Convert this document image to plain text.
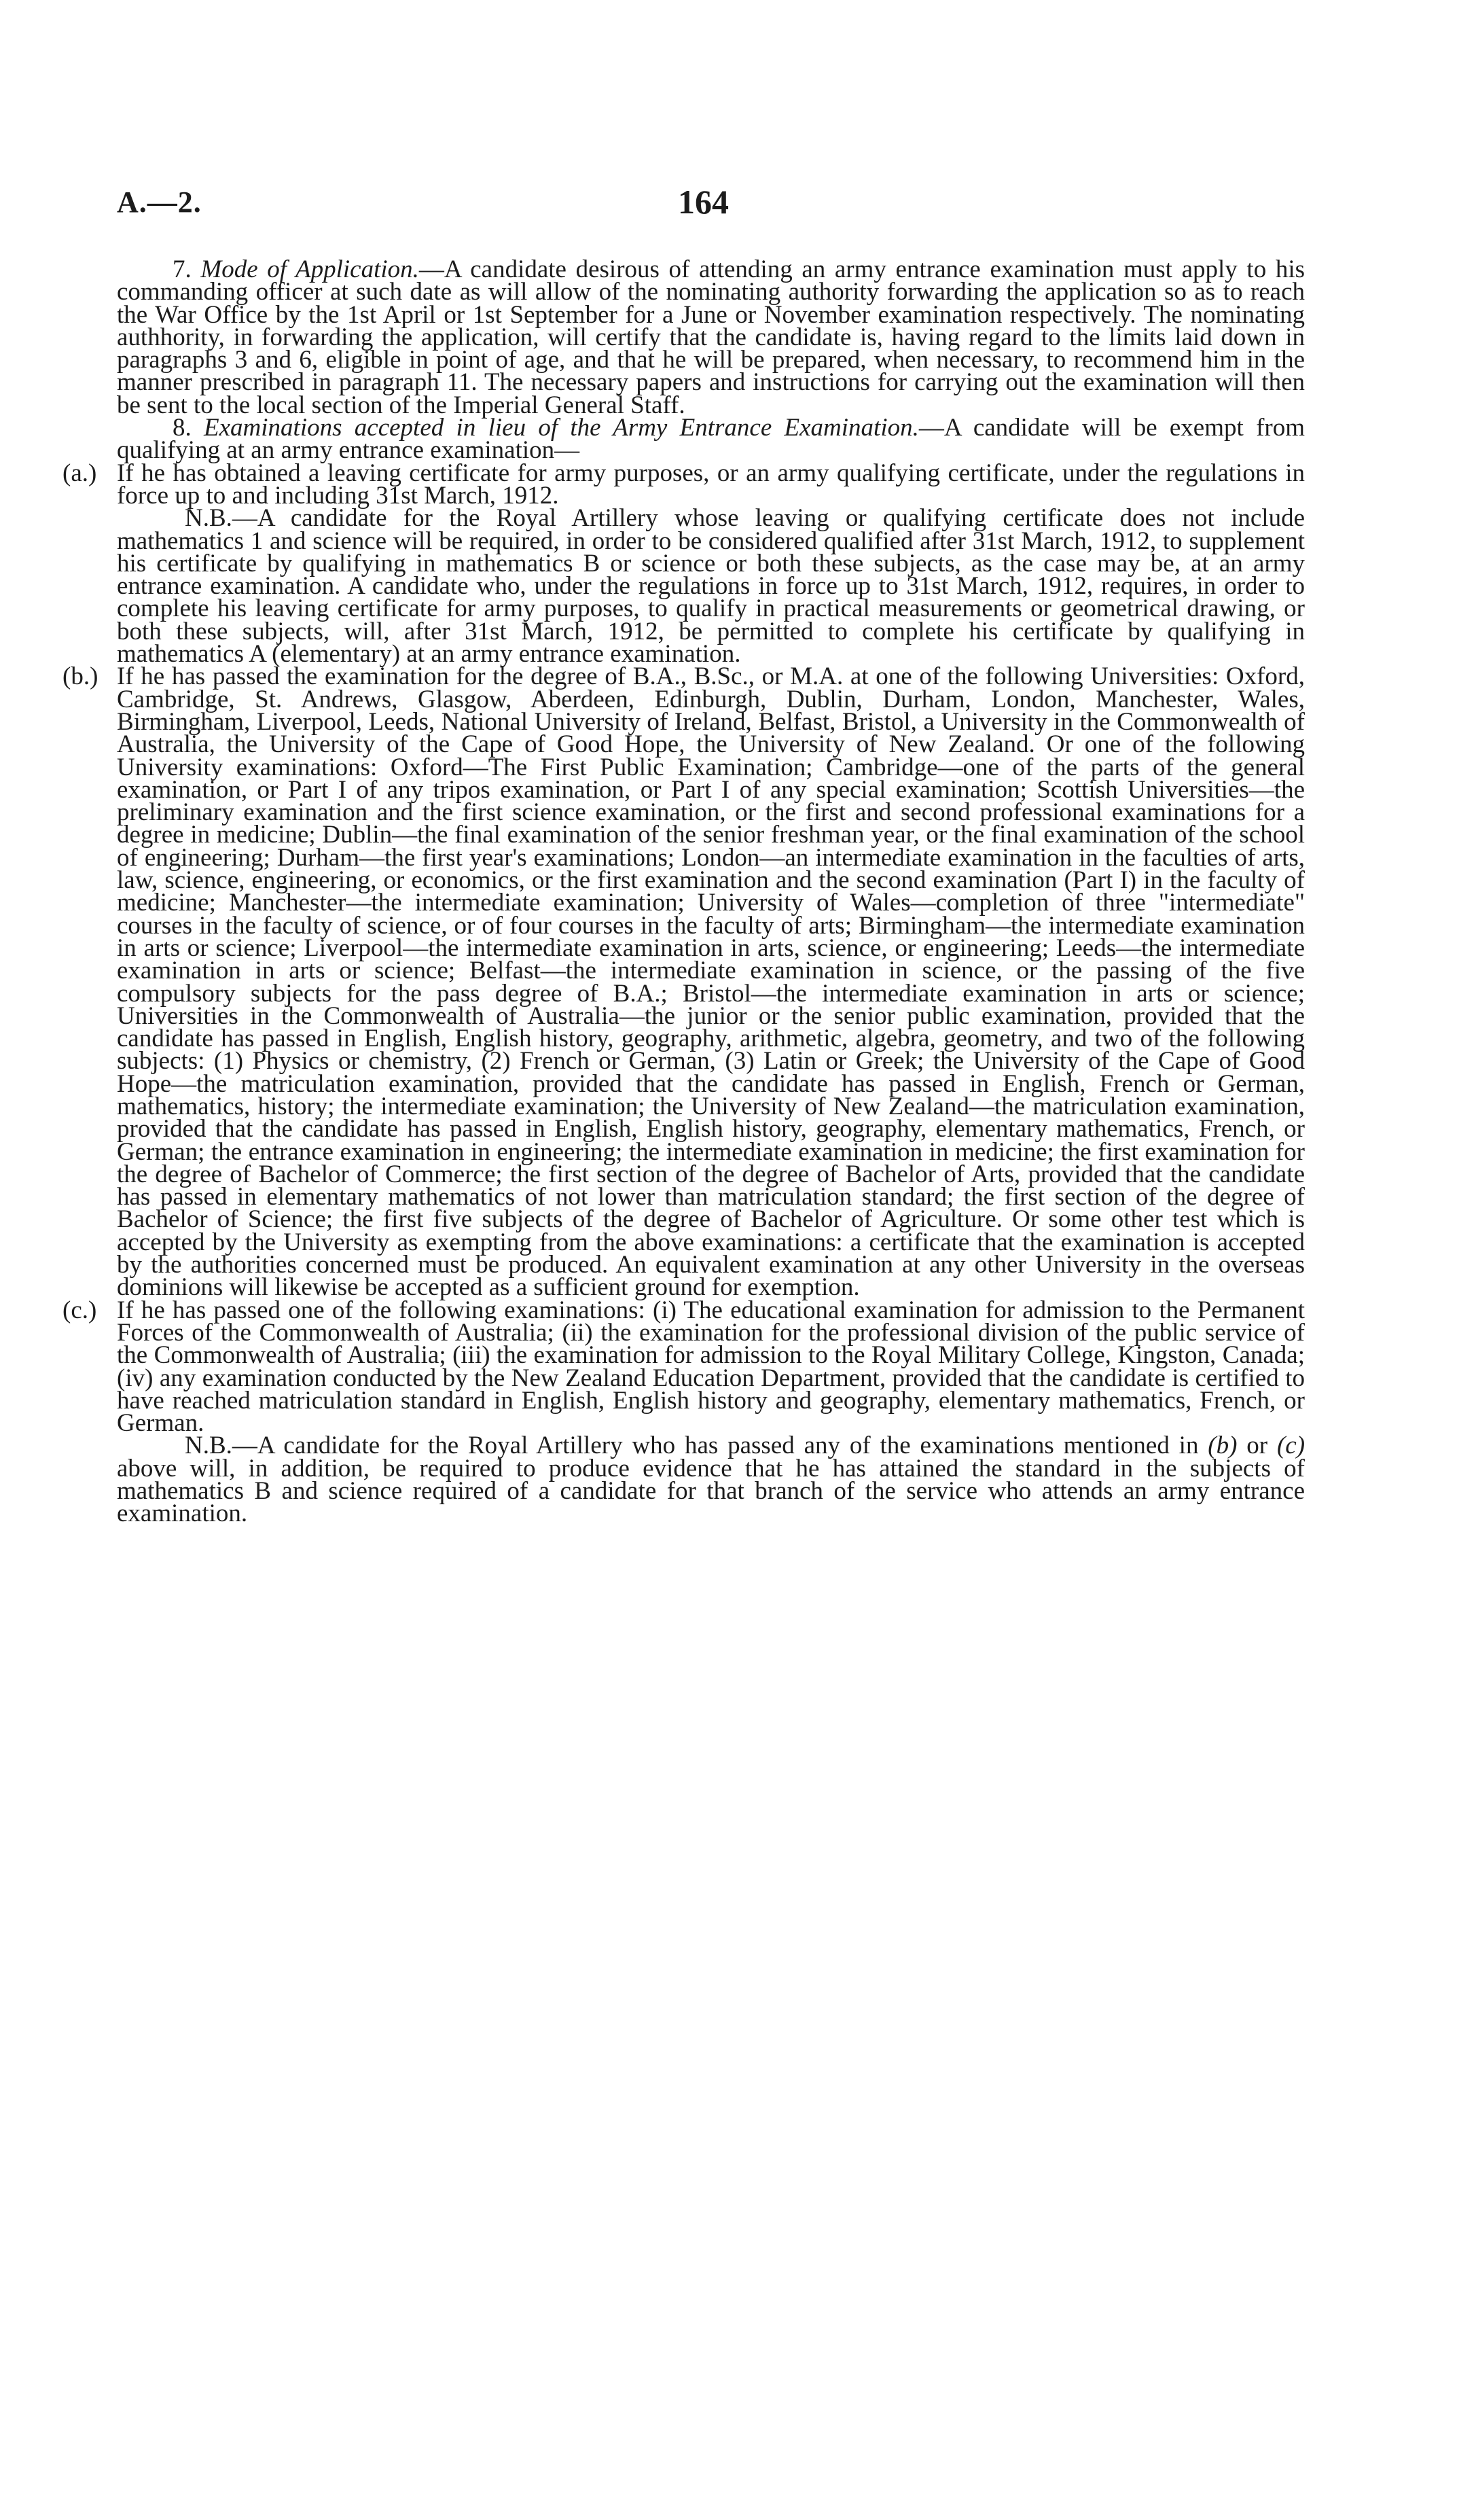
A.—2.	164

7. Mode of Application.—A candidate desirous of attending an army entrance examination must apply to his commanding officer at such date as will allow of the nominating authority forwarding the application so as to reach the War Office by the 1st April or 1st September for a June or November examination respectively. The nominating authhority, in forwarding the application, will certify that the candidate is, having regard to the limits laid down in paragraphs 3 and 6, eligible in point of age, and that he will be prepared, when necessary, to recommend him in the manner prescribed in paragraph 11. The necessary papers and instructions for carrying out the examination will then be sent to the local section of the Imperial General Staff.

8. Examinations accepted in lieu of the Army Entrance Examination.—A candidate will be exempt from qualifying at an army entrance examination—

(a.) If he has obtained a leaving certificate for army purposes, or an army qualifying certificate, under the regulations in force up to and including 31st March, 1912.

N.B.—A candidate for the Royal Artillery whose leaving or qualifying certificate does not include mathematics 1 and science will be required, in order to be considered qualified after 31st March, 1912, to supplement his certificate by qualifying in mathematics B or science or both these subjects, as the case may be, at an army entrance examination. A candidate who, under the regulations in force up to 31st March, 1912, requires, in order to complete his leaving certificate for army purposes, to qualify in practical measurements or geometrical drawing, or both these subjects, will, after 31st March, 1912, be permitted to complete his certificate by qualifying in mathematics A (elementary) at an army entrance examination.

(b.) If he has passed the examination for the degree of B.A., B.Sc., or M.A. at one of the following Universities: Oxford, Cambridge, St. Andrews, Glasgow, Aberdeen, Edinburgh, Dublin, Durham, London, Manchester, Wales, Birmingham, Liverpool, Leeds, National University of Ireland, Belfast, Bristol, a University in the Commonwealth of Australia, the University of the Cape of Good Hope, the University of New Zealand. Or one of the following University examinations: Oxford—The First Public Examination; Cambridge—one of the parts of the general examination, or Part I of any tripos examination, or Part I of any special examination; Scottish Universities—the preliminary examination and the first science examination, or the first and second professional examinations for a degree in medicine; Dublin—the final examination of the senior freshman year, or the final examination of the school of engineering; Durham—the first year's examinations; London—an intermediate examination in the faculties of arts, law, science, engineering, or economics, or the first examination and the second examination (Part I) in the faculty of medicine; Manchester—the intermediate examination; University of Wales—completion of three "intermediate" courses in the faculty of science, or of four courses in the faculty of arts; Birmingham—the intermediate examination in arts or science; Liverpool—the intermediate examination in arts, science, or engineering; Leeds—the intermediate examination in arts or science; Belfast—the intermediate examination in science, or the passing of the five compulsory subjects for the pass degree of B.A.; Bristol—the intermediate examination in arts or science; Universities in the Commonwealth of Australia—the junior or the senior public examination, provided that the candidate has passed in English, English history, geography, arithmetic, algebra, geometry, and two of the following subjects: (1) Physics or chemistry, (2) French or German, (3) Latin or Greek; the University of the Cape of Good Hope—the matriculation examination, provided that the candidate has passed in English, French or German, mathematics, history; the intermediate examination; the University of New Zealand—the matriculation examination, provided that the candidate has passed in English, English history, geography, elementary mathematics, French, or German; the entrance examination in engineering; the intermediate examination in medicine; the first examination for the degree of Bachelor of Commerce; the first section of the degree of Bachelor of Arts, provided that the candidate has passed in elementary mathematics of not lower than matriculation standard; the first section of the degree of Bachelor of Science; the first five subjects of the degree of Bachelor of Agriculture. Or some other test which is accepted by the University as exempting from the above examinations: a certificate that the examination is accepted by the authorities concerned must be produced. An equivalent examination at any other University in the overseas dominions will likewise be accepted as a sufficient ground for exemption.

(c.) If he has passed one of the following examinations: (i) The educational examination for admission to the Permanent Forces of the Commonwealth of Australia; (ii) the examination for the professional division of the public service of the Commonwealth of Australia; (iii) the examination for admission to the Royal Military College, Kingston, Canada; (iv) any examination conducted by the New Zealand Education Department, provided that the candidate is certified to have reached matriculation standard in English, English history and geography, elementary mathematics, French, or German.

N.B.—A candidate for the Royal Artillery who has passed any of the examinations mentioned in (b) or (c) above will, in addition, be required to produce evidence that he has attained the standard in the subjects of mathematics B and science required of a candidate for that branch of the service who attends an army entrance examination.
